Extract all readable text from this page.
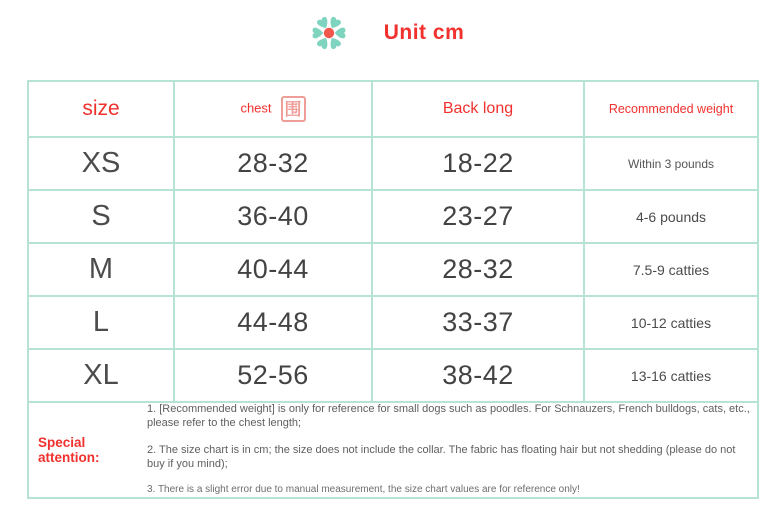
Unit cm
size	chest 围	Back long	Recommended weight
XS	28-32	18-22	Within 3 pounds
S	36-40	23-27	4-6 pounds
M	40-44	28-32	7.5-9 catties
L	44-48	33-37	10-12 catties
XL	52-56	38-42	13-16 catties

Special attention:

1. [Recommended weight] is only for reference for small dogs such as poodles. For Schnauzers, French bulldogs, cats, etc., please refer to the chest length;

2. The size chart is in cm; the size does not include the collar. The fabric has floating hair but not shedding (please do not buy if you mind);

3. There is a slight error due to manual measurement, the size chart values are for reference only!			
